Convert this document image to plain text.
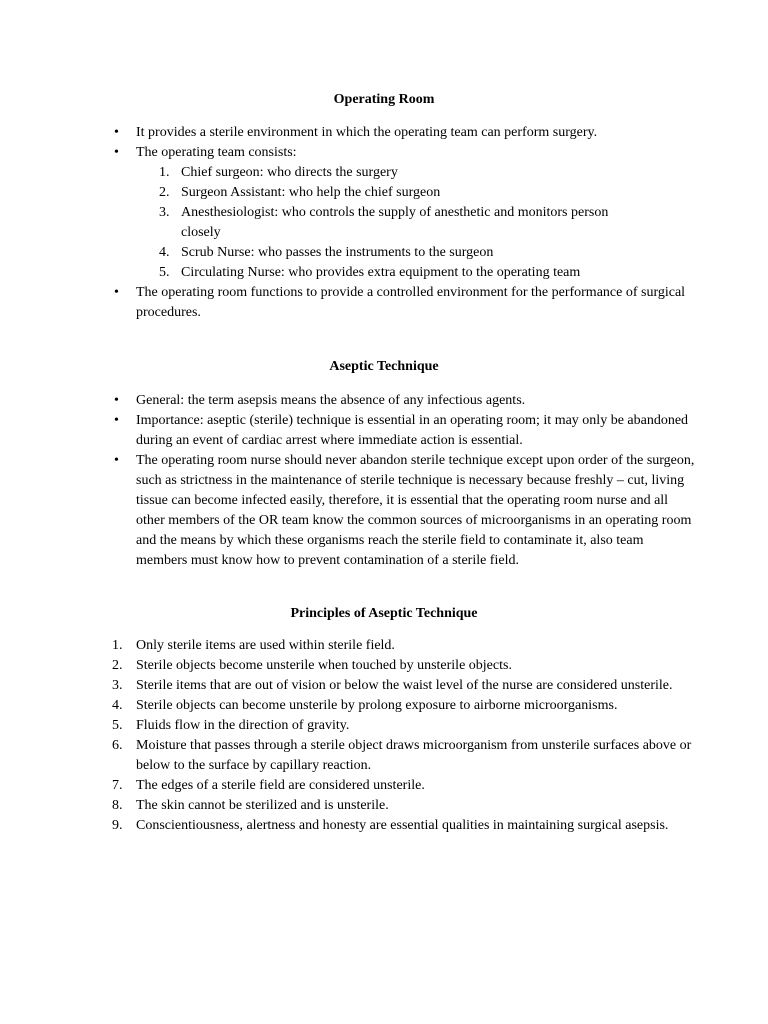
Operating Room
• It provides a sterile environment in which the operating team can perform surgery.
• The operating team consists:
1. Chief surgeon: who directs the surgery
2. Surgeon Assistant: who help the chief surgeon
3. Anesthesiologist: who controls the supply of anesthetic and monitors person closely
4. Scrub Nurse: who passes the instruments to the surgeon
5. Circulating Nurse: who provides extra equipment to the operating team
• The operating room functions to provide a controlled environment for the performance of surgical procedures.
Aseptic Technique
• General: the term asepsis means the absence of any infectious agents.
• Importance: aseptic (sterile) technique is essential in an operating room; it may only be abandoned during an event of cardiac arrest where immediate action is essential.
• The operating room nurse should never abandon sterile technique except upon order of the surgeon, such as strictness in the maintenance of sterile technique is necessary because freshly – cut, living tissue can become infected easily, therefore, it is essential that the operating room nurse and all other members of the OR team know the common sources of microorganisms in an operating room and the means by which these organisms reach the sterile field to contaminate it, also team members must know how to prevent contamination of a sterile field.
Principles of Aseptic Technique
1. Only sterile items are used within sterile field.
2. Sterile objects become unsterile when touched by unsterile objects.
3. Sterile items that are out of vision or below the waist level of the nurse are considered unsterile.
4. Sterile objects can become unsterile by prolong exposure to airborne microorganisms.
5. Fluids flow in the direction of gravity.
6. Moisture that passes through a sterile object draws microorganism from unsterile surfaces above or below to the surface by capillary reaction.
7. The edges of a sterile field are considered unsterile.
8. The skin cannot be sterilized and is unsterile.
9. Conscientiousness, alertness and honesty are essential qualities in maintaining surgical asepsis.
